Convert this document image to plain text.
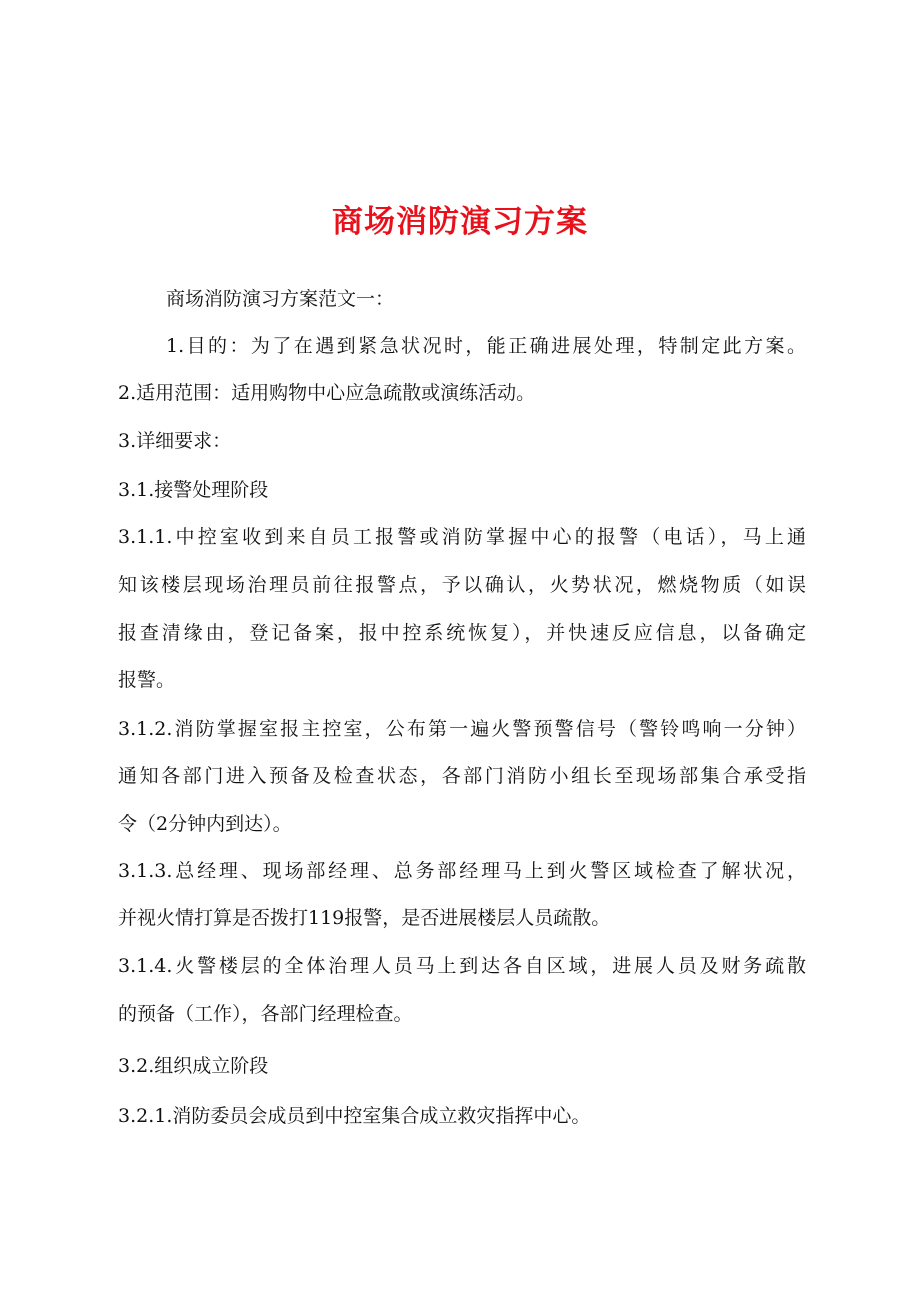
商场消防演习方案
商场消防演习方案范文一：
1.目的：为了在遇到紧急状况时，能正确进展处理，特制定此方案。
2.适用范围：适用购物中心应急疏散或演练活动。
3.详细要求：
3.1.接警处理阶段
3.1.1.中控室收到来自员工报警或消防掌握中心的报警（电话），马上通
知该楼层现场治理员前往报警点，予以确认，火势状况，燃烧物质（如误
报查清缘由，登记备案，报中控系统恢复），并快速反应信息，以备确定
报警。
3.1.2.消防掌握室报主控室，公布第一遍火警预警信号（警铃鸣响一分钟）
通知各部门进入预备及检查状态，各部门消防小组长至现场部集合承受指
令（2分钟内到达）。
3.1.3.总经理、现场部经理、总务部经理马上到火警区域检查了解状况，
并视火情打算是否拨打119报警，是否进展楼层人员疏散。
3.1.4.火警楼层的全体治理人员马上到达各自区域，进展人员及财务疏散
的预备（工作），各部门经理检查。
3.2.组织成立阶段
3.2.1.消防委员会成员到中控室集合成立救灾指挥中心。
